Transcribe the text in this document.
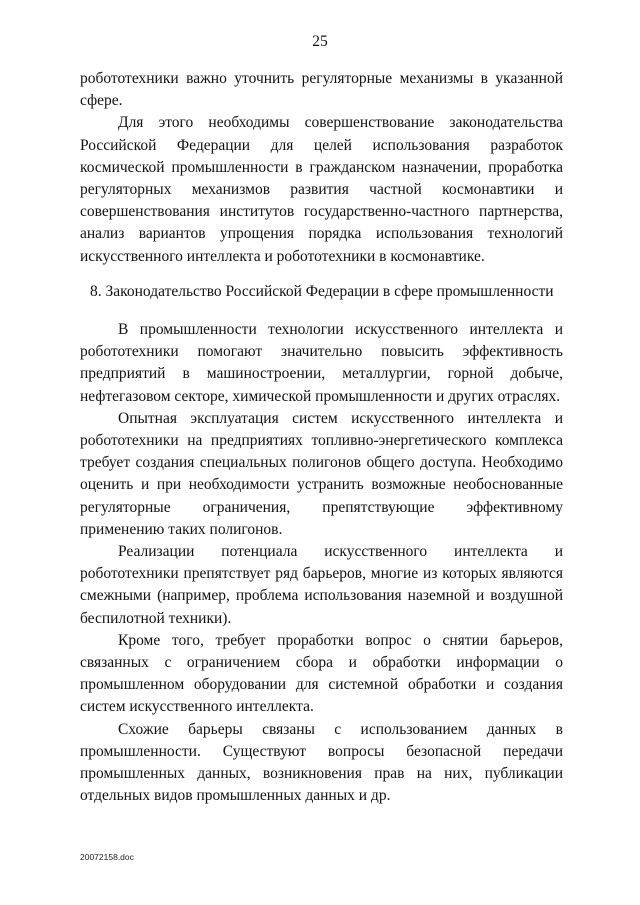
25

робототехники важно уточнить регуляторные механизмы в указанной сфере.

Для этого необходимы совершенствование законодательства Российской Федерации для целей использования разработок космической промышленности в гражданском назначении, проработка регуляторных механизмов развития частной космонавтики и совершенствования институтов государственно-частного партнерства, анализ вариантов упрощения порядка использования технологий искусственного интеллекта и робототехники в космонавтике.

8. Законодательство Российской Федерации в сфере промышленности

В промышленности технологии искусственного интеллекта и робототехники помогают значительно повысить эффективность предприятий в машиностроении, металлургии, горной добыче, нефтегазовом секторе, химической промышленности и других отраслях.

Опытная эксплуатация систем искусственного интеллекта и робототехники на предприятиях топливно-энергетического комплекса требует создания специальных полигонов общего доступа. Необходимо оценить и при необходимости устранить возможные необоснованные регуляторные ограничения, препятствующие эффективному применению таких полигонов.

Реализации потенциала искусственного интеллекта и робототехники препятствует ряд барьеров, многие из которых являются смежными (например, проблема использования наземной и воздушной беспилотной техники).

Кроме того, требует проработки вопрос о снятии барьеров, связанных с ограничением сбора и обработки информации о промышленном оборудовании для системной обработки и создания систем искусственного интеллекта.

Схожие барьеры связаны с использованием данных в промышленности. Существуют вопросы безопасной передачи промышленных данных, возникновения прав на них, публикации отдельных видов промышленных данных и др.

20072158.doc
